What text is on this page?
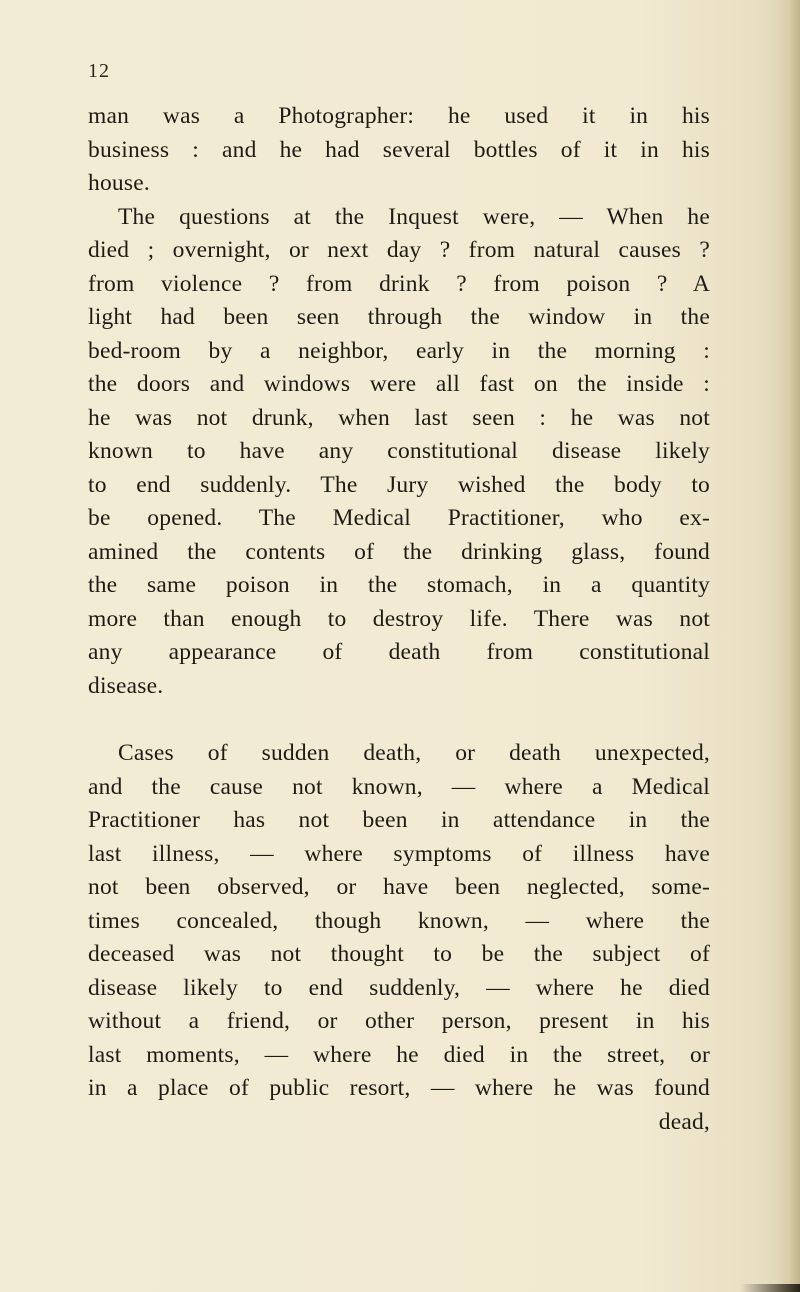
12
man was a Photographer: he used it in his
business : and he had several bottles of it in his
house.
The questions at the Inquest were, — When he
died ; overnight, or next day ? from natural causes ?
from violence ? from drink ? from poison ? A
light had been seen through the window in the
bed-room by a neighbor, early in the morning :
the doors and windows were all fast on the inside :
he was not drunk, when last seen : he was not
known to have any constitutional disease likely
to end suddenly. The Jury wished the body to
be opened. The Medical Practitioner, who ex-
amined the contents of the drinking glass, found
the same poison in the stomach, in a quantity
more than enough to destroy life. There was not
any appearance of death from constitutional
disease.
Cases of sudden death, or death unexpected,
and the cause not known, — where a Medical
Practitioner has not been in attendance in the
last illness, — where symptoms of illness have
not been observed, or have been neglected, some-
times concealed, though known, — where the
deceased was not thought to be the subject of
disease likely to end suddenly, — where he died
without a friend, or other person, present in his
last moments, — where he died in the street, or
in a place of public resort, — where he was found
dead,
